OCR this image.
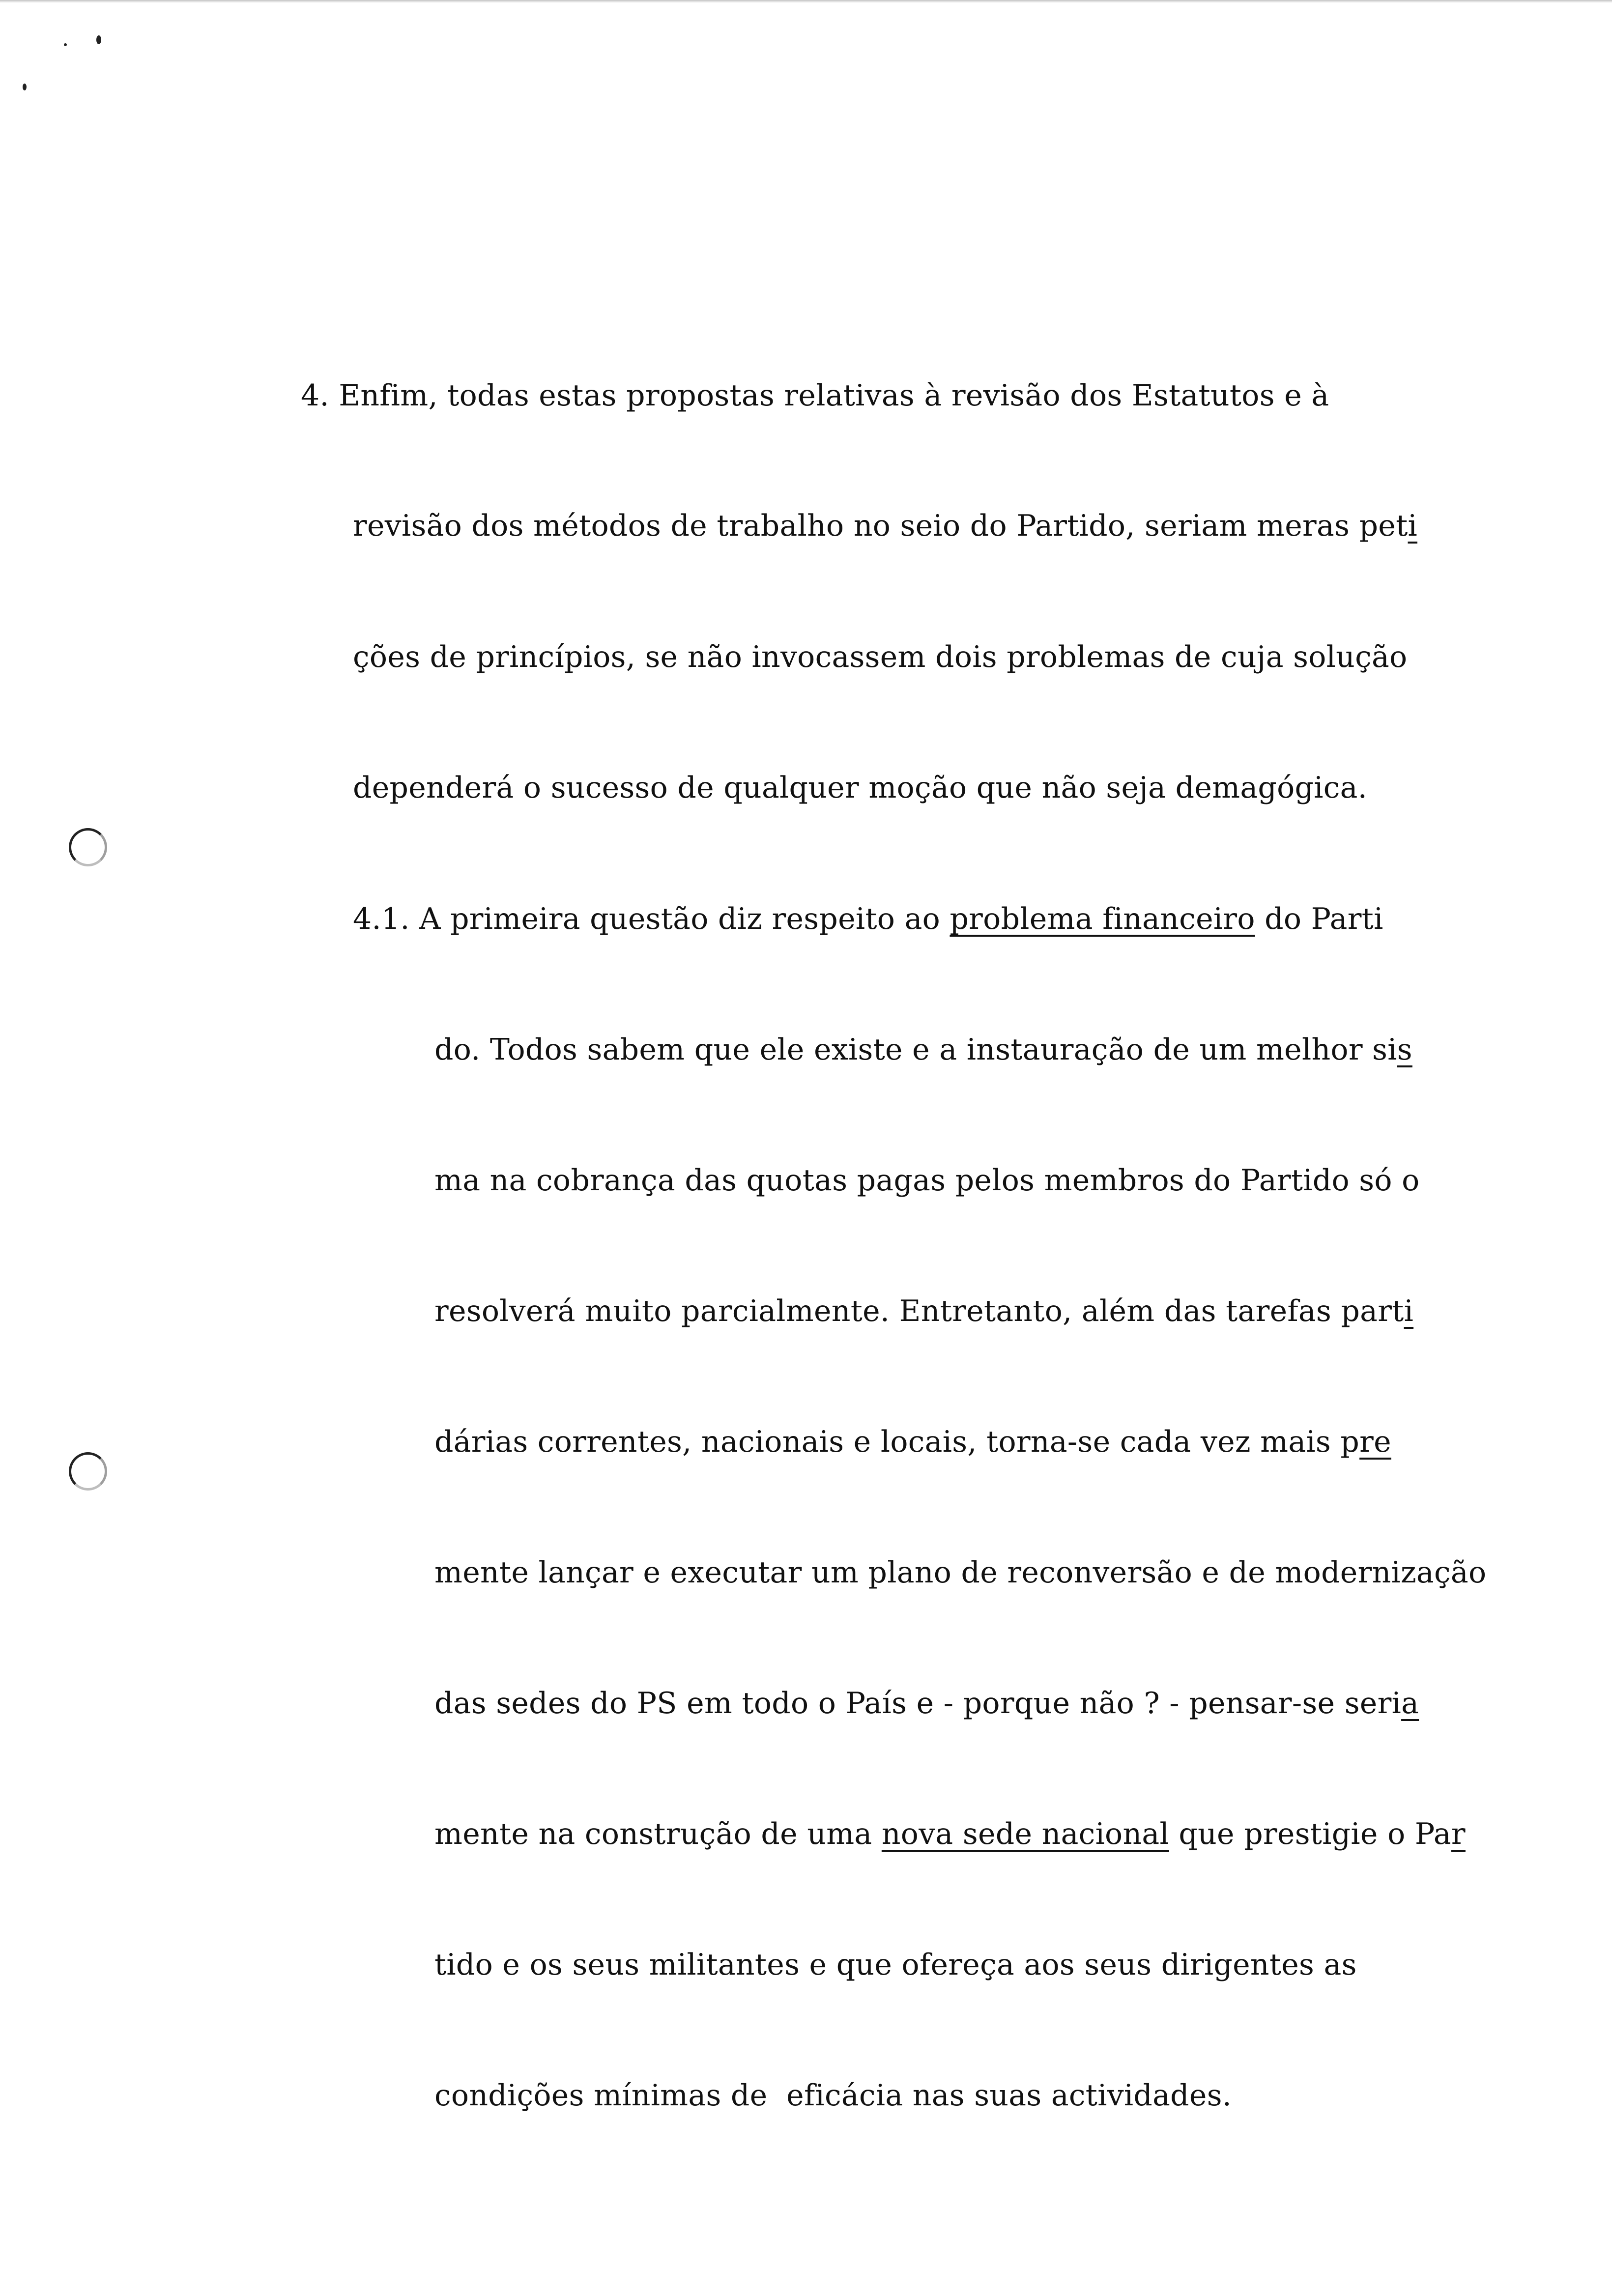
4. Enfim, todas estas propostas relativas à revisão dos Estatutos e à
revisão dos métodos de trabalho no seio do Partido, seriam meras peti
ções de princípios, se não invocassem dois problemas de cuja solução
dependerá o sucesso de qualquer moção que não seja demagógica.
4.1. A primeira questão diz respeito ao problema financeiro do Parti
do. Todos sabem que ele existe e a instauração de um melhor sis
ma na cobrança das quotas pagas pelos membros do Partido só o
resolverá muito parcialmente. Entretanto, além das tarefas parti
dárias correntes, nacionais e locais, torna-se cada vez mais pre
mente lançar e executar um plano de reconversão e de modernização
das sedes do PS em todo o País e - porque não ? - pensar-se seria
mente na construção de uma nova sede nacional que prestigie o Par
tido e os seus militantes e que ofereça aos seus dirigentes as
condições mínimas de  eficácia nas suas actividades.
